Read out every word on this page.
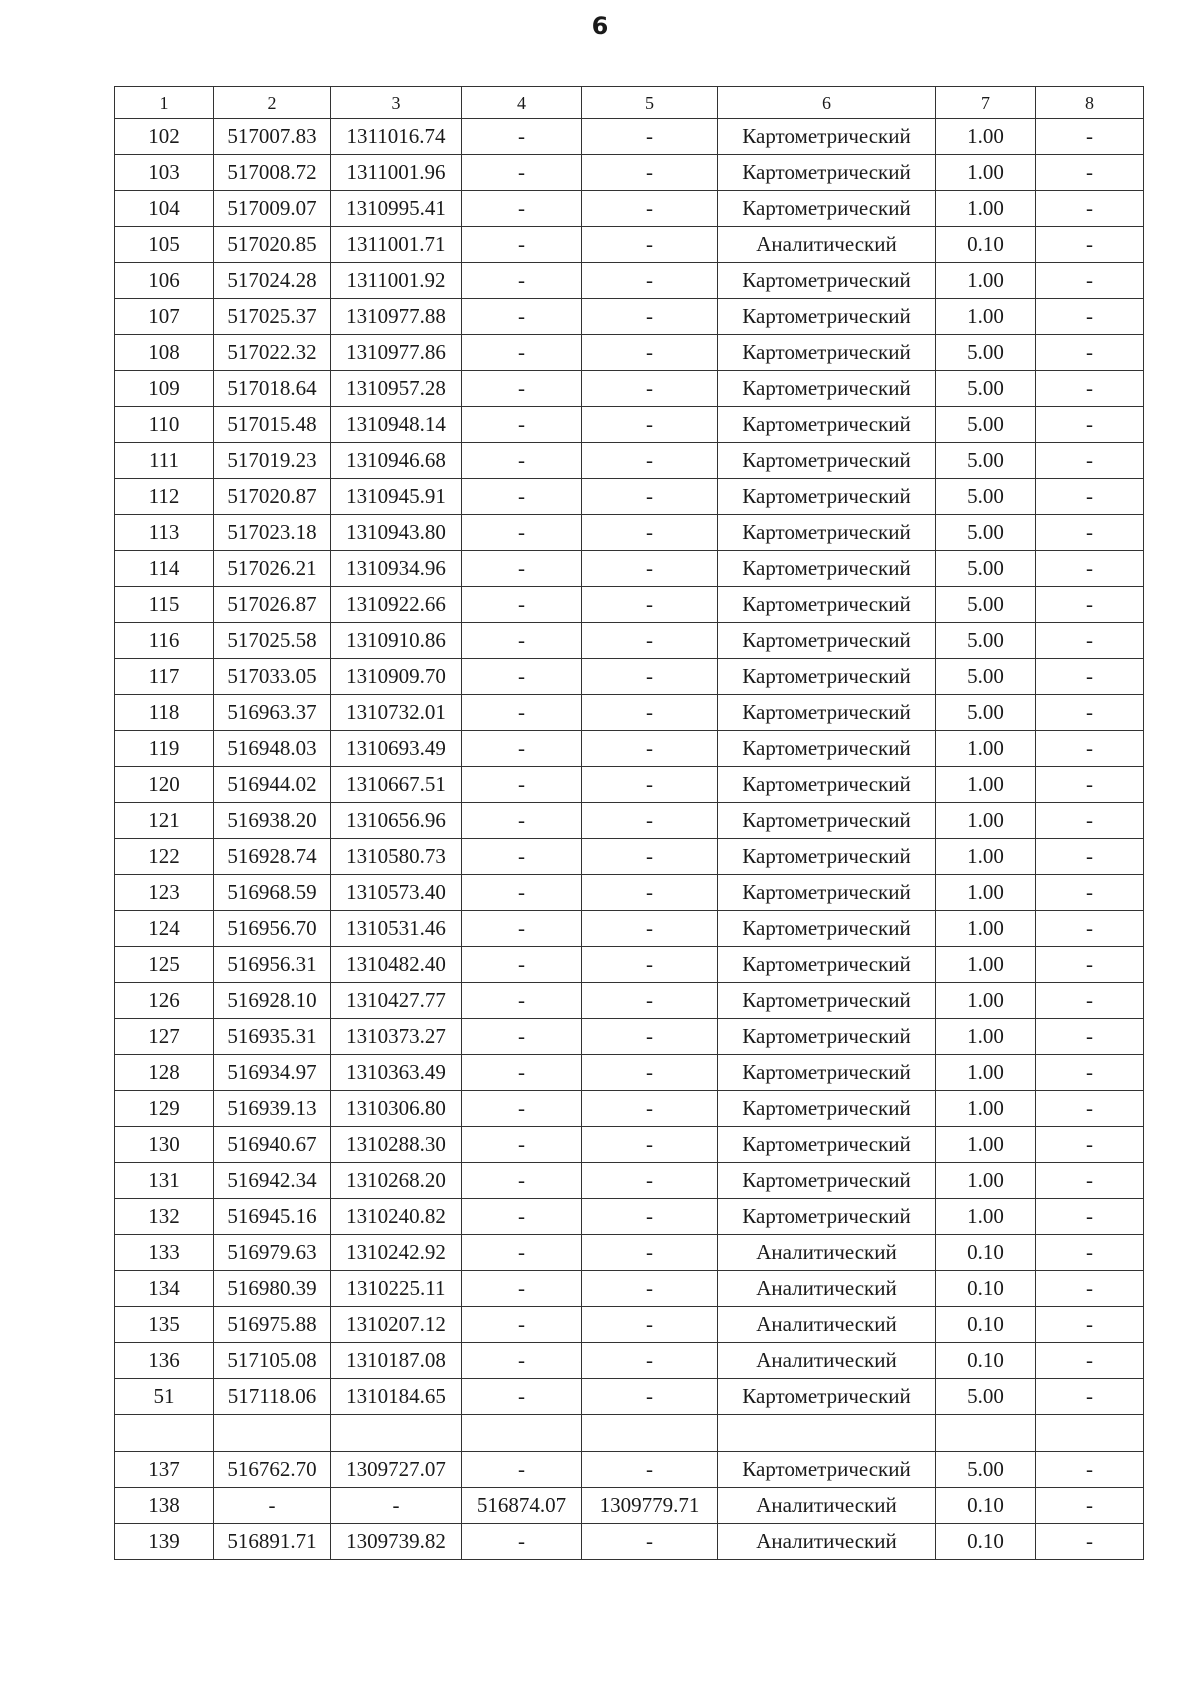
6
1	2	3	4	5	6	7	8
102	517007.83	1311016.74	-	-	Картометрический	1.00	-
103	517008.72	1311001.96	-	-	Картометрический	1.00	-
104	517009.07	1310995.41	-	-	Картометрический	1.00	-
105	517020.85	1311001.71	-	-	Аналитический	0.10	-
106	517024.28	1311001.92	-	-	Картометрический	1.00	-
107	517025.37	1310977.88	-	-	Картометрический	1.00	-
108	517022.32	1310977.86	-	-	Картометрический	5.00	-
109	517018.64	1310957.28	-	-	Картометрический	5.00	-
110	517015.48	1310948.14	-	-	Картометрический	5.00	-
111	517019.23	1310946.68	-	-	Картометрический	5.00	-
112	517020.87	1310945.91	-	-	Картометрический	5.00	-
113	517023.18	1310943.80	-	-	Картометрический	5.00	-
114	517026.21	1310934.96	-	-	Картометрический	5.00	-
115	517026.87	1310922.66	-	-	Картометрический	5.00	-
116	517025.58	1310910.86	-	-	Картометрический	5.00	-
117	517033.05	1310909.70	-	-	Картометрический	5.00	-
118	516963.37	1310732.01	-	-	Картометрический	5.00	-
119	516948.03	1310693.49	-	-	Картометрический	1.00	-
120	516944.02	1310667.51	-	-	Картометрический	1.00	-
121	516938.20	1310656.96	-	-	Картометрический	1.00	-
122	516928.74	1310580.73	-	-	Картометрический	1.00	-
123	516968.59	1310573.40	-	-	Картометрический	1.00	-
124	516956.70	1310531.46	-	-	Картометрический	1.00	-
125	516956.31	1310482.40	-	-	Картометрический	1.00	-
126	516928.10	1310427.77	-	-	Картометрический	1.00	-
127	516935.31	1310373.27	-	-	Картометрический	1.00	-
128	516934.97	1310363.49	-	-	Картометрический	1.00	-
129	516939.13	1310306.80	-	-	Картометрический	1.00	-
130	516940.67	1310288.30	-	-	Картометрический	1.00	-
131	516942.34	1310268.20	-	-	Картометрический	1.00	-
132	516945.16	1310240.82	-	-	Картометрический	1.00	-
133	516979.63	1310242.92	-	-	Аналитический	0.10	-
134	516980.39	1310225.11	-	-	Аналитический	0.10	-
135	516975.88	1310207.12	-	-	Аналитический	0.10	-
136	517105.08	1310187.08	-	-	Аналитический	0.10	-
51	517118.06	1310184.65	-	-	Картометрический	5.00	-

137	516762.70	1309727.07	-	-	Картометрический	5.00	-
138	-	-	516874.07	1309779.71	Аналитический	0.10	-
139	516891.71	1309739.82	-	-	Аналитический	0.10	-
